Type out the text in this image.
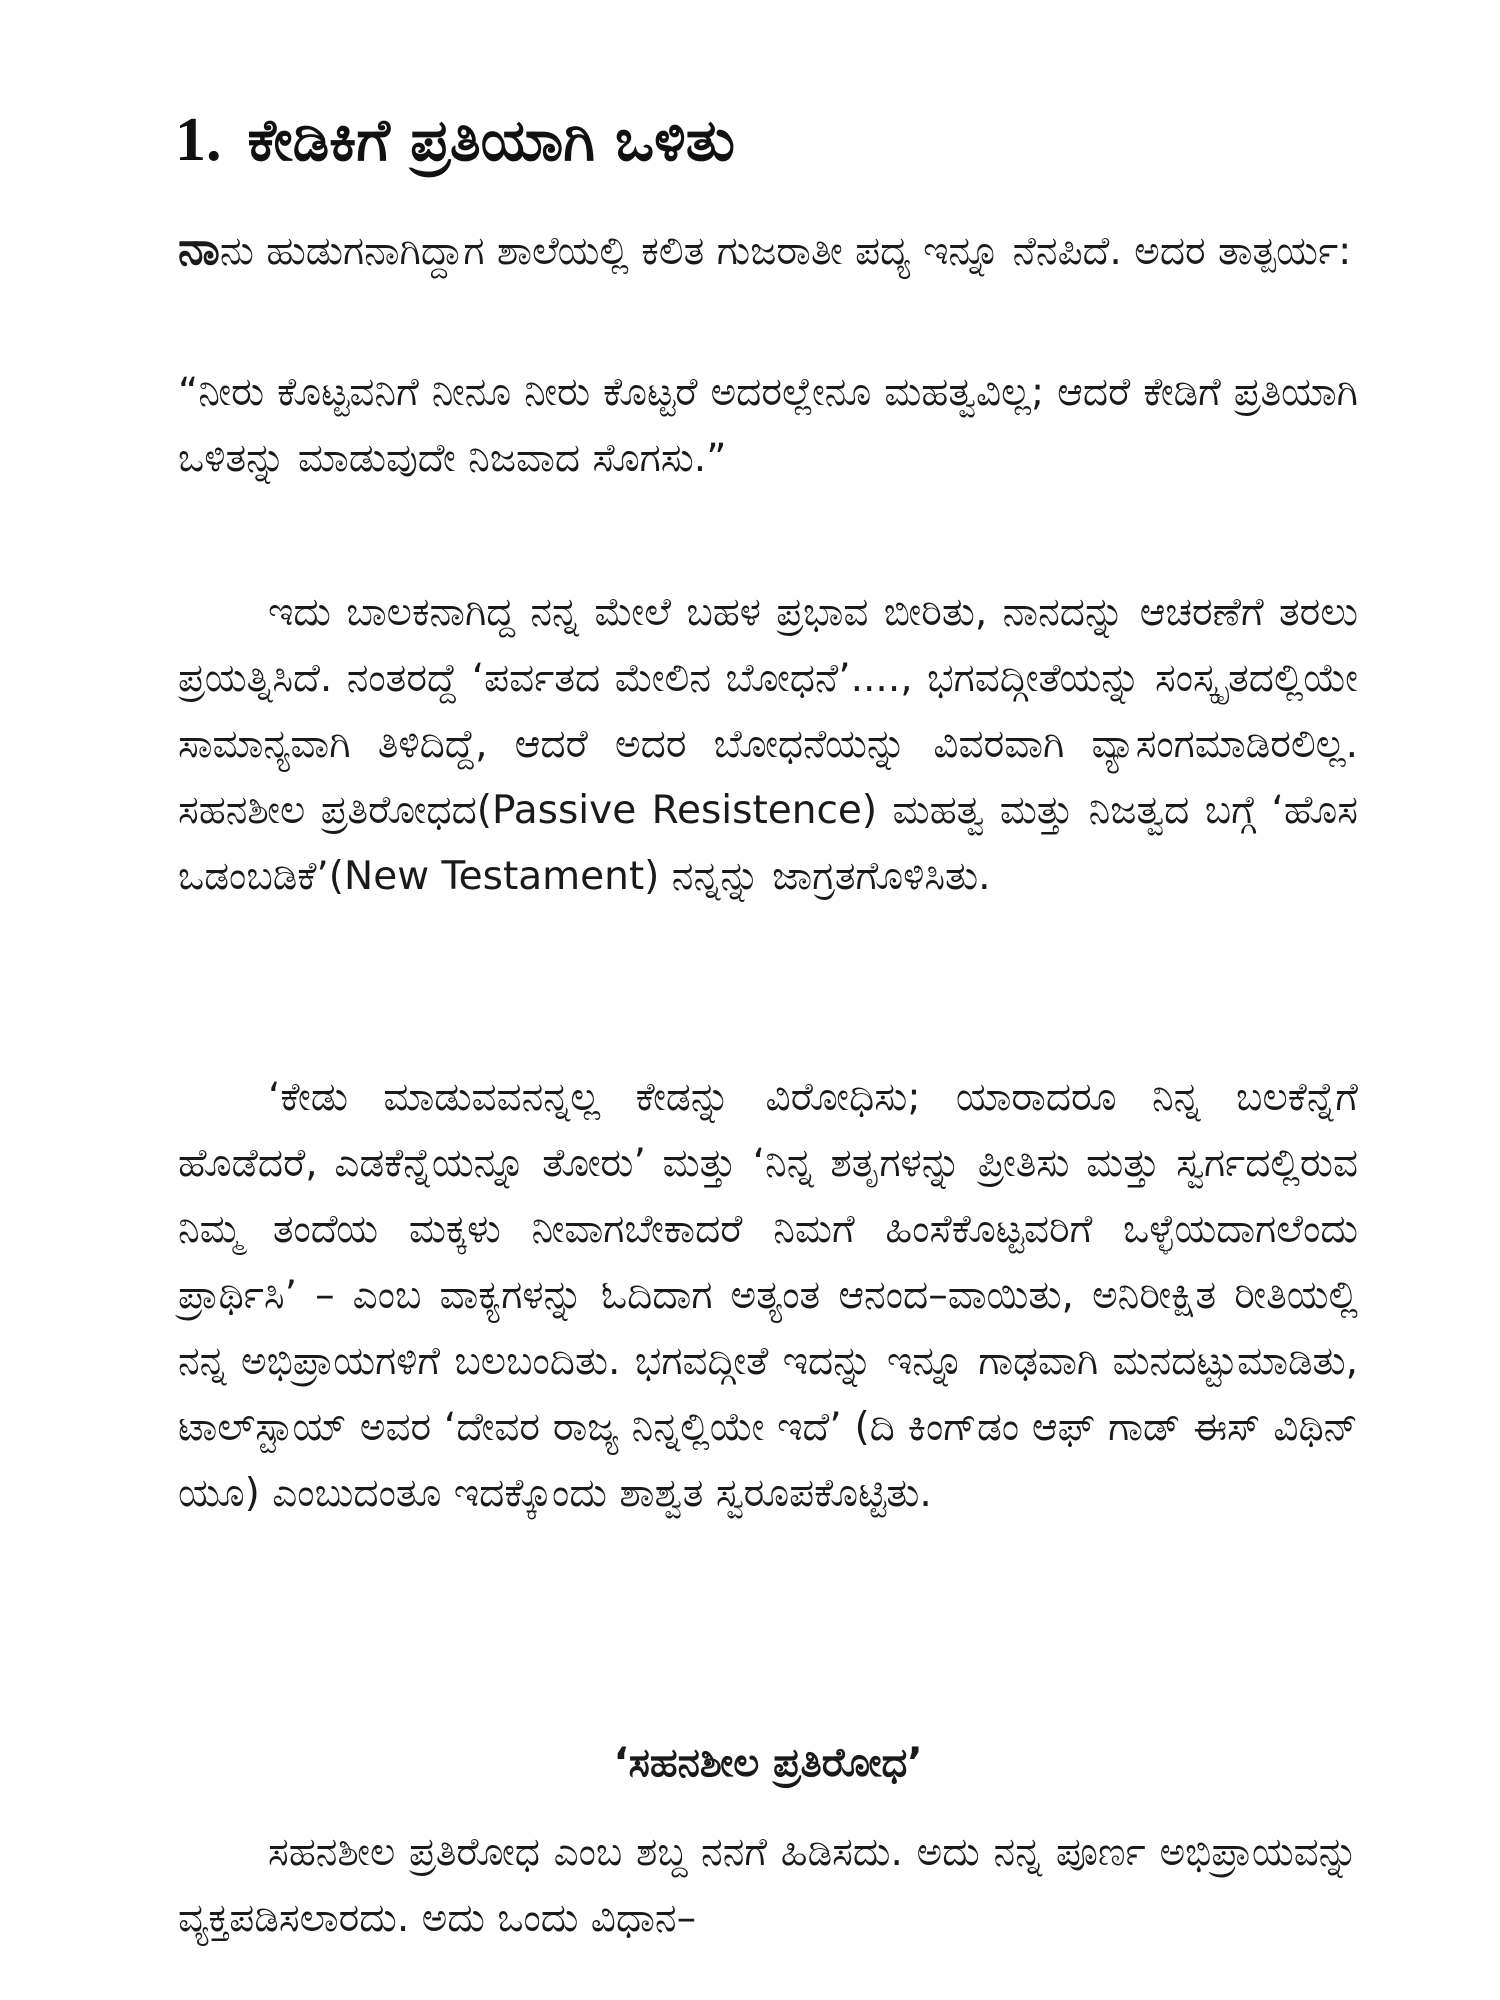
1. ಕೇಡಿಕಿಗೆ ಪ್ರತಿಯಾಗಿ ಒಳಿತು

ನಾನು ಹುಡುಗನಾಗಿದ್ದಾಗ ಶಾಲೆಯಲ್ಲಿ ಕಲಿತ ಗುಜರಾತೀ ಪದ್ಯ ಇನ್ನೂ ನೆನಪಿದೆ. ಅದರ ತಾತ್ಪರ್ಯ:

“ನೀರು ಕೊಟ್ಟವನಿಗೆ ನೀನೂ ನೀರು ಕೊಟ್ಟರೆ ಅದರಲ್ಲೇನೂ ಮಹತ್ವವಿಲ್ಲ; ಆದರೆ ಕೇಡಿಗೆ ಪ್ರತಿಯಾಗಿ ಒಳಿತನ್ನು ಮಾಡುವುದೇ ನಿಜವಾದ ಸೊಗಸು.”

ಇದು ಬಾಲಕನಾಗಿದ್ದ ನನ್ನ ಮೇಲೆ ಬಹಳ ಪ್ರಭಾವ ಬೀರಿತು, ನಾನದನ್ನು ಆಚರಣೆಗೆ ತರಲು ಪ್ರಯತ್ನಿಸಿದೆ. ನಂತರದ್ದೆ ‘ಪರ್ವತದ ಮೇಲಿನ ಬೋಧನೆ’...., ಭಗವದ್ಗೀತೆಯನ್ನು ಸಂಸ್ಕೃತದಲ್ಲಿಯೇ ಸಾಮಾನ್ಯವಾಗಿ ತಿಳಿದಿದ್ದೆ, ಆದರೆ ಅದರ ಬೋಧನೆಯನ್ನು ವಿವರವಾಗಿ ವ್ಯಾಸಂಗಮಾಡಿರಲಿಲ್ಲ. ಸಹನಶೀಲ ಪ್ರತಿರೋಧದ(Passive Resistence) ಮಹತ್ವ ಮತ್ತು ನಿಜತ್ವದ ಬಗ್ಗೆ ‘ಹೊಸ ಒಡಂಬಡಿಕೆ’(New Testament) ನನ್ನನ್ನು ಜಾಗ್ರತಗೊಳಿಸಿತು.

‘ಕೇಡು ಮಾಡುವವನನ್ನಲ್ಲ ಕೇಡನ್ನು ವಿರೋಧಿಸು; ಯಾರಾದರೂ ನಿನ್ನ ಬಲಕೆನ್ನೆಗೆ ಹೊಡೆದರೆ, ಎಡಕೆನ್ನೆಯನ್ನೂ ತೋರು’ ಮತ್ತು ‘ನಿನ್ನ ಶತೃಗಳನ್ನು ಪ್ರೀತಿಸು ಮತ್ತು ಸ್ವರ್ಗದಲ್ಲಿರುವ ನಿಮ್ಮ ತಂದೆಯ ಮಕ್ಕಳು ನೀವಾಗಬೇಕಾದರೆ ನಿಮಗೆ ಹಿಂಸೆಕೊಟ್ಟವರಿಗೆ ಒಳ್ಳೆಯದಾಗಲೆಂದು ಪ್ರಾರ್ಥಿಸಿ’ – ಎಂಬ ವಾಕ್ಯಗಳನ್ನು ಓದಿದಾಗ ಅತ್ಯಂತ ಆನಂದ–ವಾಯಿತು, ಅನಿರೀಕ್ಷಿತ ರೀತಿಯಲ್ಲಿ ನನ್ನ ಅಭಿಪ್ರಾಯಗಳಿಗೆ ಬಲಬಂದಿತು. ಭಗವದ್ಗೀತೆ ಇದನ್ನು ಇನ್ನೂ ಗಾಢವಾಗಿ ಮನದಟ್ಟುಮಾಡಿತು, ಟಾಲ್‌ಸ್ಟಾಯ್ ಅವರ ‘ದೇವರ ರಾಜ್ಯ ನಿನ್ನಲ್ಲಿಯೇ ಇದೆ’ (ದಿ ಕಿಂಗ್‌ಡಂ ಆಫ್ ಗಾಡ್ ಈಸ್ ವಿಥಿನ್ ಯೂ) ಎಂಬುದಂತೂ ಇದಕ್ಕೊಂದು ಶಾಶ್ವತ ಸ್ವರೂಪಕೊಟ್ಟಿತು.

‘ಸಹನಶೀಲ ಪ್ರತಿರೋಧ’

ಸಹನಶೀಲ ಪ್ರತಿರೋಧ ಎಂಬ ಶಬ್ದ ನನಗೆ ಹಿಡಿಸದು. ಅದು ನನ್ನ ಪೂರ್ಣ ಅಭಿಪ್ರಾಯವನ್ನು ವ್ಯಕ್ತಪಡಿಸಲಾರದು. ಅದು ಒಂದು ವಿಧಾನ–
